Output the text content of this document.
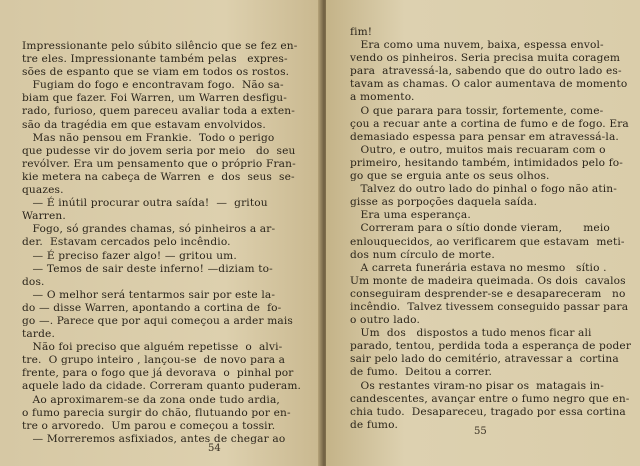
Impressionante pelo súbito silêncio que se fez en-
tre eles. Impressionante também pelas   expres-
sões de espanto que se viam em todos os rostos.
Fugiam do fogo e encontravam fogo.  Não sa-
biam que fazer. Foi Warren, um Warren desfigu-
rado, furioso, quem pareceu avaliar toda a exten-
são da tragédia em que estavam envolvidos.
Mas não pensou em Frankie.  Todo o perigo
que pudesse vir do jovem seria por meio   do  seu
revólver. Era um pensamento que o próprio Fran-
kie metera na cabeça de Warren  e  dos  seus  se-
quazes.
— É inútil procurar outra saída!  —  gritou
Warren.
Fogo, só grandes chamas, só pinheiros a ar-
der.  Estavam cercados pelo incêndio.
— É preciso fazer algo! — gritou um.
— Temos de sair deste inferno! —diziam to-
dos.
— O melhor será tentarmos sair por este la-
do — disse Warren, apontando a cortina de  fo-
go —. Parece que por aqui começou a arder mais
tarde.
Não foi preciso que alguém repetisse  o  alvi-
tre.  O grupo inteiro , lançou-se  de novo para a
frente, para o fogo que já devorava  o  pinhal por
aquele lado da cidade. Correram quanto puderam.
Ao aproximarem-se da zona onde tudo ardia,
o fumo parecia surgir do chão, flutuando por en-
tre o arvoredo.  Um parou e começou a tossir.
— Morreremos asfixiados, antes de chegar ao
54
fim!
Era como uma nuvem, baixa, espessa envol-
vendo os pinheiros. Seria precisa muita coragem
para  atravessá-la, sabendo que do outro lado es-
tavam as chamas. O calor aumentava de momento
a momento.
O que parara para tossir, fortemente, come-
çou a recuar ante a cortina de fumo e de fogo. Era
demasiado espessa para pensar em atravessá-la.
Outro, e outro, muitos mais recuaram com o
primeiro, hesitando também, intimidados pelo fo-
go que se erguia ante os seus olhos.
Talvez do outro lado do pinhal o fogo não atin-
gisse as porpoções daquela saída.
Era uma esperança.
Correram para o sítio donde vieram,      meio
enlouquecidos, ao verificarem que estavam  meti-
dos num círculo de morte.
A carreta funerária estava no mesmo   sítio .
Um monte de madeira queimada. Os dois  cavalos
conseguiram desprender-se e desapareceram   no
incêndio.  Talvez tivessem conseguido passar para
o outro lado.
Um  dos   dispostos a tudo menos ficar ali
parado, tentou, perdida toda a esperança de poder
sair pelo lado do cemitério, atravessar a  cortina
de fumo.  Deitou a correr.
Os restantes viram-no pisar os  matagais in-
candescentes, avançar entre o fumo negro que en-
chia tudo.  Desapareceu, tragado por essa cortina
de fumo.
55
